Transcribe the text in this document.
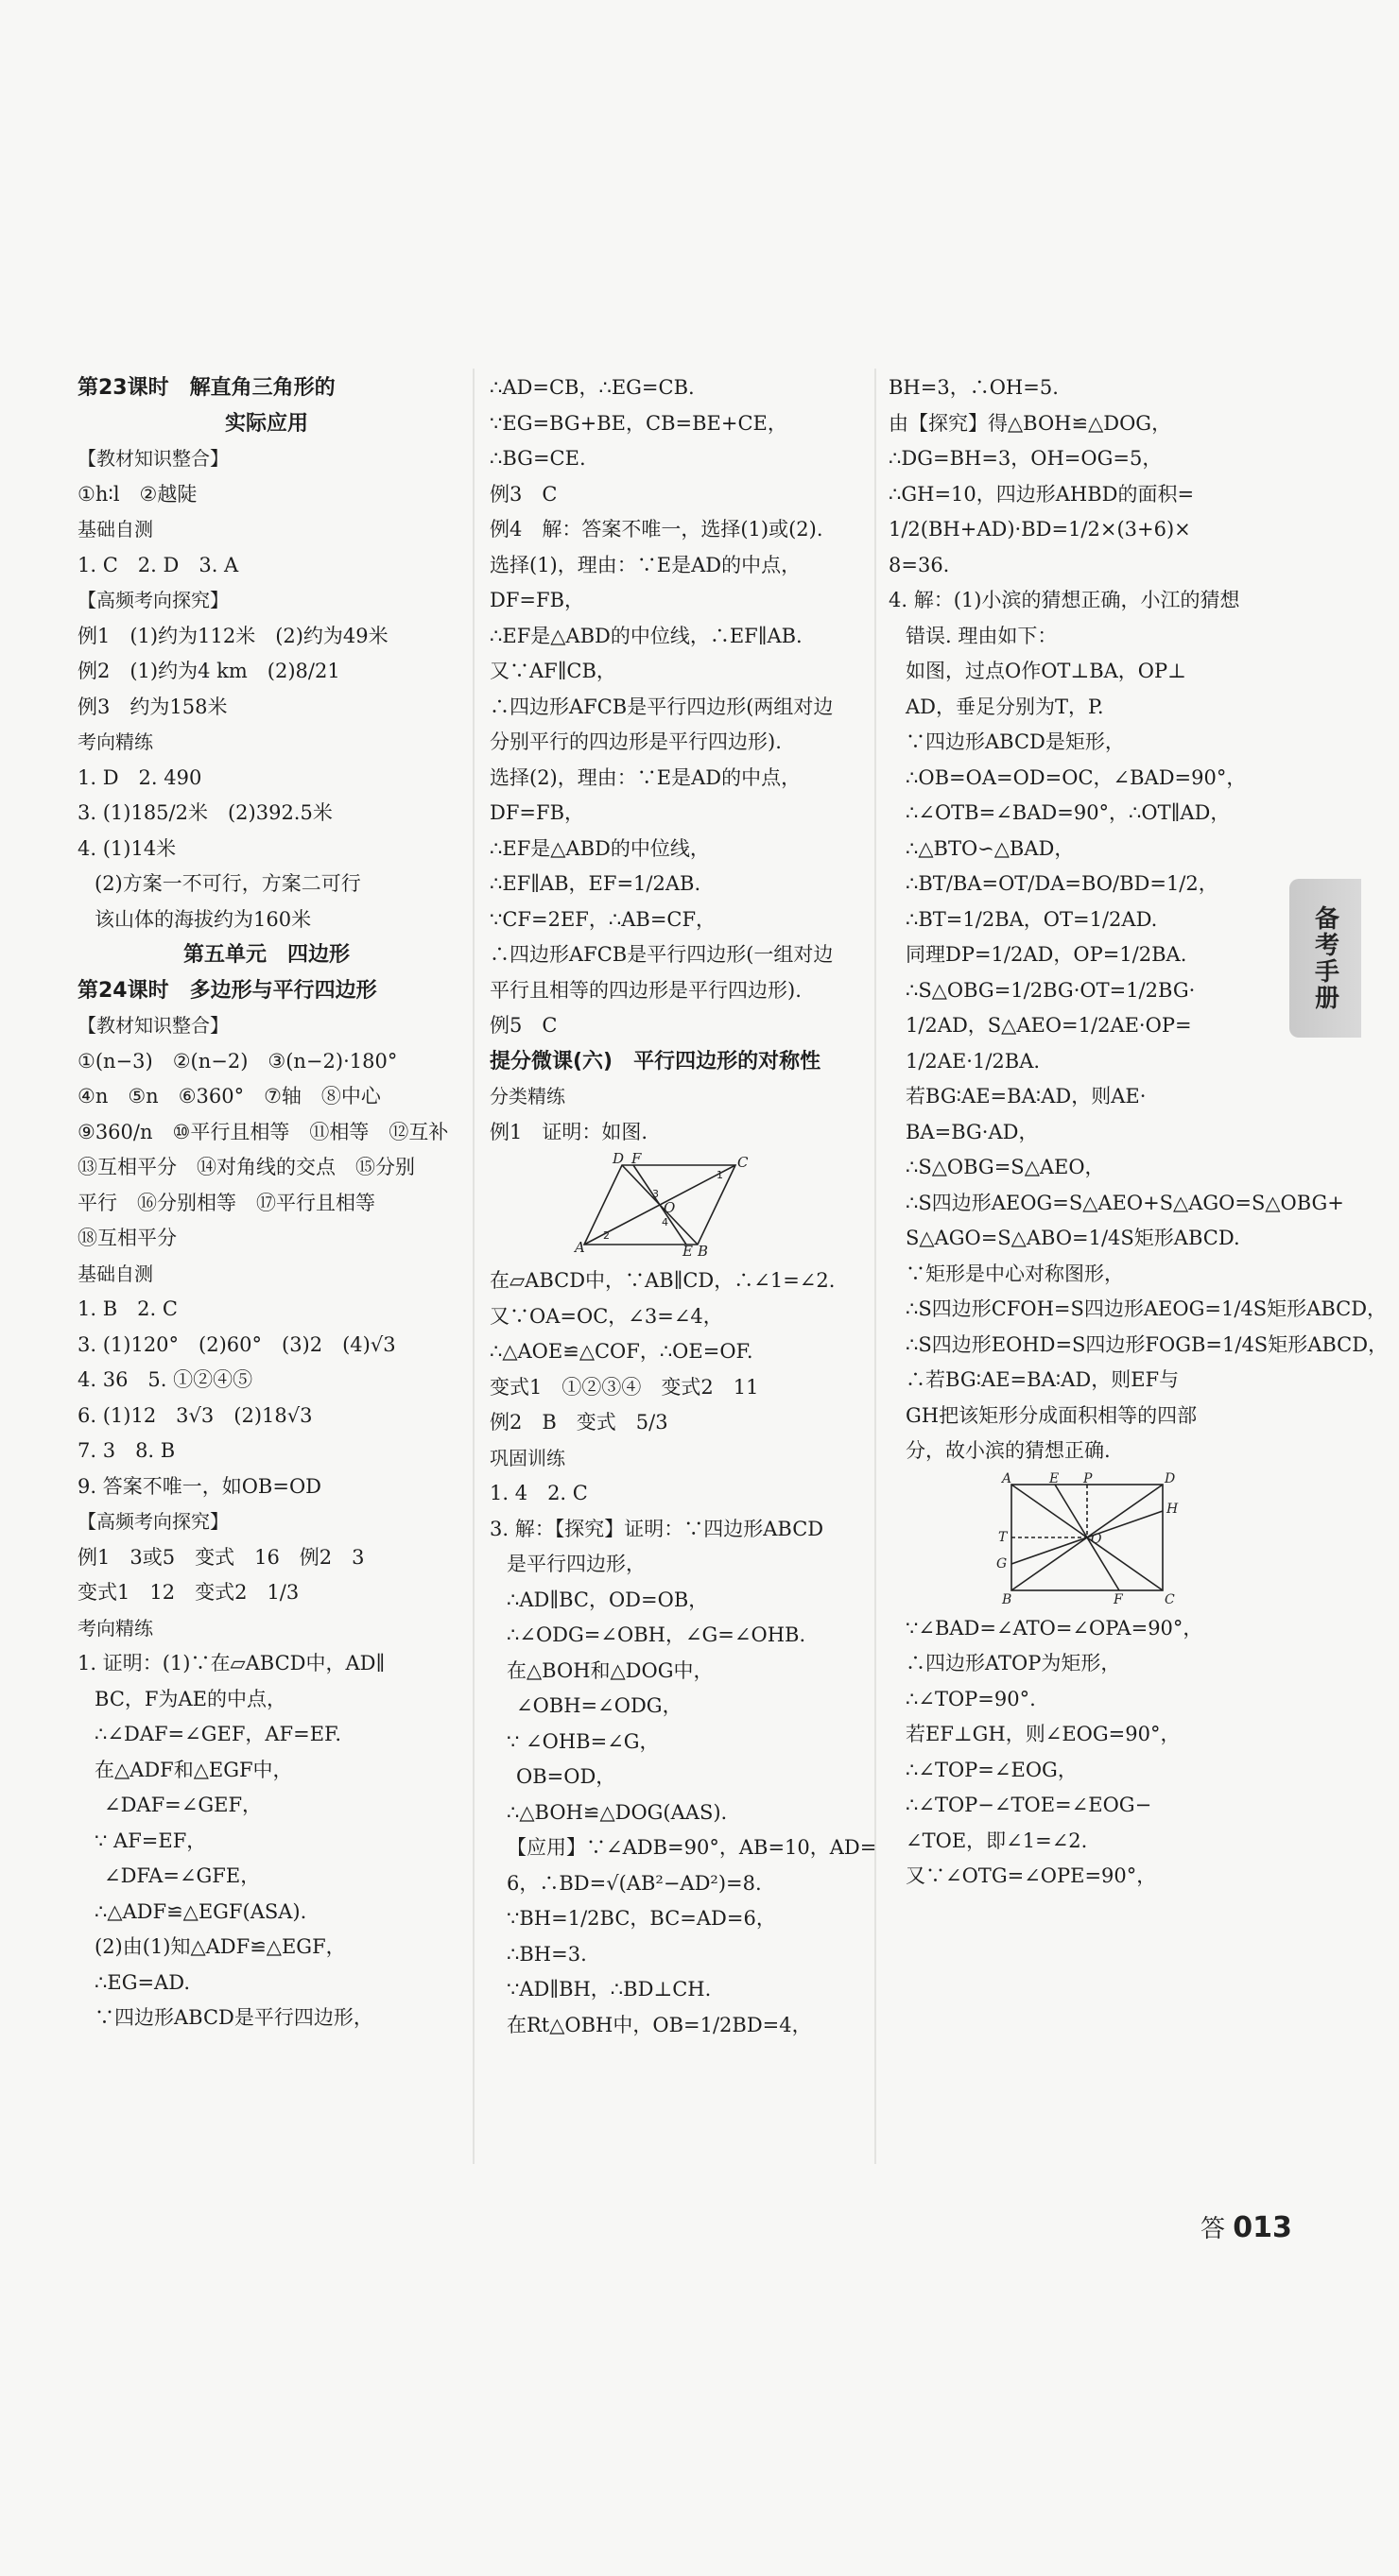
第23课时　解直角三角形的
实际应用
【教材知识整合】
①h∶l　②越陡
基础自测
1. C　2. D　3. A
【高频考向探究】
例1　(1)约为112米　(2)约为49米
例2　(1)约为4 km　(2)8/21
例3　约为158米
考向精练
1. D　2. 490
3. (1)185/2米　(2)392.5米
4. (1)14米
(2)方案一不可行，方案二可行
该山体的海拔约为160米
第五单元　四边形
第24课时　多边形与平行四边形
【教材知识整合】
①(n−3)　②(n−2)　③(n−2)·180°
④n　⑤n　⑥360°　⑦轴　⑧中心
⑨360/n　⑩平行且相等　⑪相等　⑫互补
⑬互相平分　⑭对角线的交点　⑮分别
平行　⑯分别相等　⑰平行且相等
⑱互相平分
基础自测
1. B　2. C
3. (1)120°　(2)60°　(3)2　(4)√3
4. 36　5. ①②④⑤
6. (1)12　3√3　(2)18√3
7. 3　8. B
9. 答案不唯一，如OB=OD
【高频考向探究】
例1　3或5　变式　16　例2　3
变式1　12　变式2　1/3
考向精练
1. 证明：(1)∵在▱ABCD中，AD∥
BC，F为AE的中点，
∴∠DAF=∠GEF，AF=EF.
在△ADF和△EGF中，
∠DAF=∠GEF，
∵ AF=EF，
∠DFA=∠GFE，
∴△ADF≌△EGF(ASA).
(2)由(1)知△ADF≌△EGF，
∴EG=AD.
∵四边形ABCD是平行四边形，
∴AD=CB，∴EG=CB.
∵EG=BG+BE，CB=BE+CE，
∴BG=CE.
例3　C
例4　解：答案不唯一，选择(1)或(2).
选择(1)，理由：∵E是AD的中点，
DF=FB，
∴EF是△ABD的中位线，∴EF∥AB.
又∵AF∥CB，
∴四边形AFCB是平行四边形(两组对边
分别平行的四边形是平行四边形).
选择(2)，理由：∵E是AD的中点，
DF=FB，
∴EF是△ABD的中位线，
∴EF∥AB，EF=1/2AB.
∵CF=2EF，∴AB=CF，
∴四边形AFCB是平行四边形(一组对边
平行且相等的四边形是平行四边形).
例5　C
提分微课(六)　平行四边形的对称性
分类精练
例1　证明：如图.
D	C
A	B
F
E
O
1
2
3
4
在▱ABCD中，∵AB∥CD，∴∠1=∠2.
又∵OA=OC，∠3=∠4，
∴△AOE≌△COF，∴OE=OF.
变式1　①②③④　变式2　11
例2　B　变式　5/3
巩固训练
1. 4　2. C
3. 解：【探究】证明：∵四边形ABCD
是平行四边形，
∴AD∥BC，OD=OB，
∴∠ODG=∠OBH，∠G=∠OHB.
在△BOH和△DOG中，
∠OBH=∠ODG，
∵ ∠OHB=∠G，
OB=OD，
∴△BOH≌△DOG(AAS).
【应用】∵∠ADB=90°，AB=10，AD=
6，∴BD=√(AB²−AD²)=8.
∵BH=1/2BC，BC=AD=6，
∴BH=3.
∵AD∥BH，∴BD⊥CH.
在Rt△OBH中，OB=1/2BD=4，
BH=3，∴OH=5.
由【探究】得△BOH≌△DOG，
∴DG=BH=3，OH=OG=5，
∴GH=10，四边形AHBD的面积=
1/2(BH+AD)·BD=1/2×(3+6)×
8=36.
4. 解：(1)小滨的猜想正确，小江的猜想
错误. 理由如下：
如图，过点O作OT⊥BA，OP⊥
AD，垂足分别为T，P.
∵四边形ABCD是矩形，
∴OB=OA=OD=OC，∠BAD=90°，
∴∠OTB=∠BAD=90°，∴OT∥AD，
∴△BTO∽△BAD，
∴BT/BA=OT/DA=BO/BD=1/2，
∴BT=1/2BA，OT=1/2AD.
同理DP=1/2AD，OP=1/2BA.
∴S△OBG=1/2BG·OT=1/2BG·
1/2AD，S△AEO=1/2AE·OP=
1/2AE·1/2BA.
若BG∶AE=BA∶AD，则AE·
BA=BG·AD，
∴S△OBG=S△AEO，
∴S四边形AEOG=S△AEO+S△AGO=S△OBG+
S△AGO=S△ABO=1/4S矩形ABCD.
∵矩形是中心对称图形，
∴S四边形CFOH=S四边形AEOG=1/4S矩形ABCD，
∴S四边形EOHD=S四边形FOGB=1/4S矩形ABCD，
∴若BG∶AE=BA∶AD，则EF与
GH把该矩形分成面积相等的四部
分，故小滨的猜想正确.
A	E P	D
H
T
G
O
B	F	C
∵∠BAD=∠ATO=∠OPA=90°，
∴四边形ATOP为矩形，
∴∠TOP=90°.
若EF⊥GH，则∠EOG=90°，
∴∠TOP=∠EOG，
∴∠TOP−∠TOE=∠EOG−
∠TOE，即∠1=∠2.
又∵∠OTG=∠OPE=90°，
备考手册
答 013
